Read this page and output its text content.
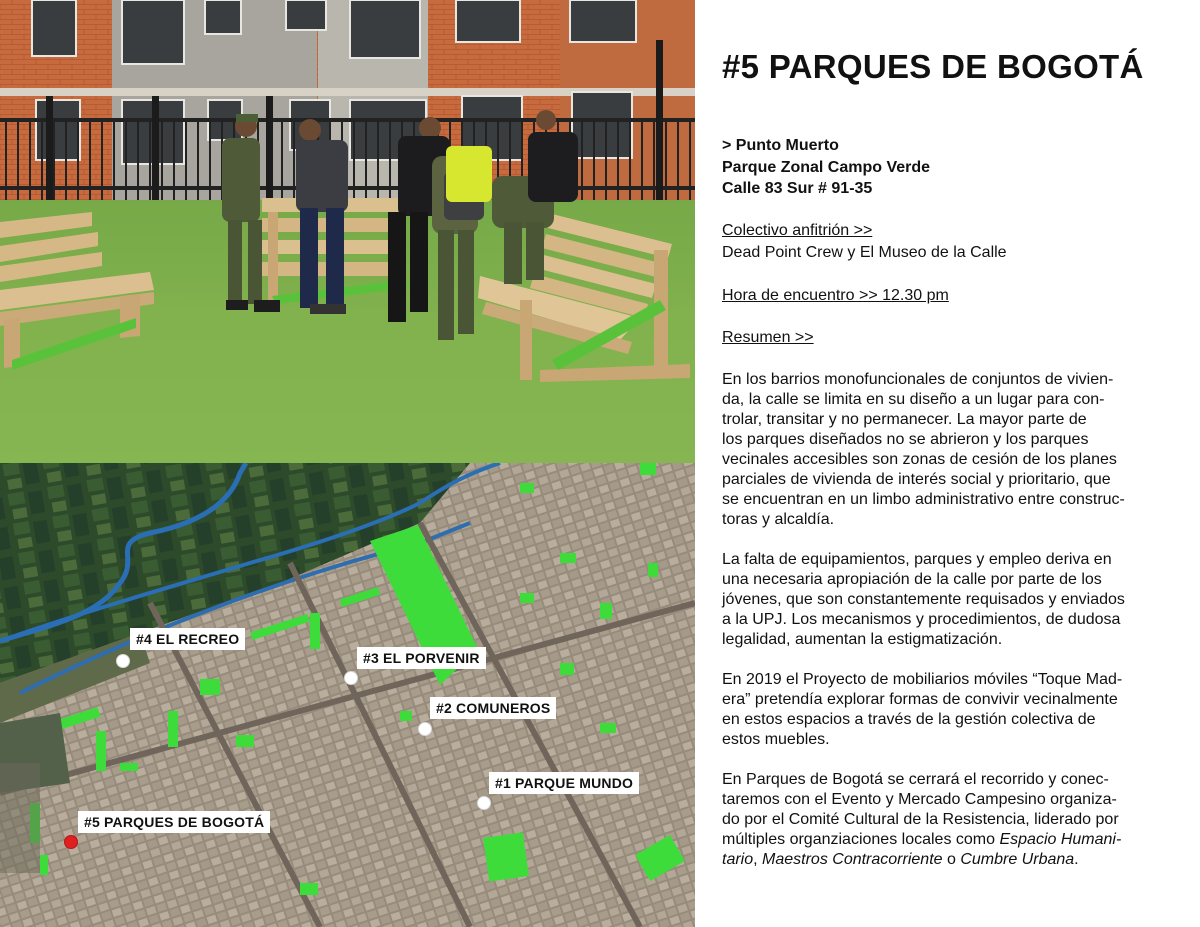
#4 EL RECREO
#3 EL PORVENIR
#2 COMUNEROS
#1 PARQUE MUNDO
#5 PARQUES DE BOGOTÁ
#5 PARQUES DE BOGOTÁ
> Punto Muerto
Parque Zonal Campo Verde
Calle 83 Sur # 91-35
Colectivo anfitrión >>
Dead Point Crew y El Museo de la Calle
Hora de encuentro >> 12.30 pm
Resumen >>
En los barrios monofuncionales de conjuntos de vivien-
da, la calle se limita en su diseño a un lugar para con-
trolar, transitar y no permanecer. La mayor parte de
los parques diseñados no se abrieron y los parques
vecinales accesibles son zonas de cesión de los planes
parciales de vivienda de interés social y prioritario, que
se encuentran en un limbo administrativo entre construc-
toras y alcaldía.
La falta de equipamientos, parques y empleo deriva en
una necesaria apropiación de la calle por parte de los
jóvenes, que son constantemente requisados y enviados
a la UPJ. Los mecanismos y procedimientos, de dudosa
legalidad, aumentan la estigmatización.
En 2019 el Proyecto de mobiliarios móviles “Toque Mad-
era” pretendía explorar formas de convivir vecinalmente
en estos espacios a través de la gestión colectiva de
estos muebles.
En Parques de Bogotá se cerrará el recorrido y conec-
taremos con el Evento y Mercado Campesino organiza-
do por el Comité Cultural de la Resistencia, liderado por
múltiples organziaciones locales como Espacio Humani-
tario, Maestros Contracorriente o Cumbre Urbana.
